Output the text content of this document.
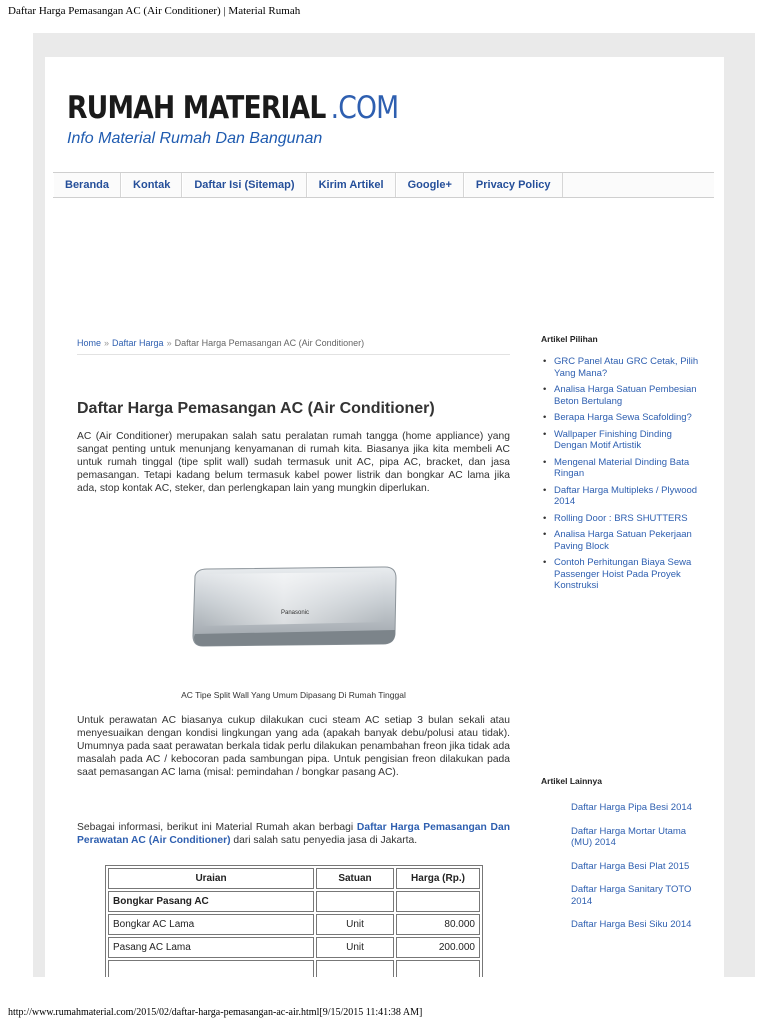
Daftar Harga Pemasangan AC (Air Conditioner) | Material Rumah
RUMAH MATERIAL .COM
Info Material Rumah Dan Bangunan
Beranda	Kontak	Daftar Isi (Sitemap)	Kirim Artikel	Google+	Privacy Policy
Home » Daftar Harga » Daftar Harga Pemasangan AC (Air Conditioner)
Daftar Harga Pemasangan AC (Air Conditioner)

AC (Air Conditioner) merupakan salah satu peralatan rumah tangga (home appliance) yang sangat penting untuk menunjang kenyamanan di rumah kita. Biasanya jika kita membeli AC untuk rumah tinggal (tipe split wall) sudah termasuk unit AC, pipa AC, bracket, dan jasa pemasangan. Tetapi kadang belum termasuk kabel power listrik dan bongkar AC lama jika ada, stop kontak AC, steker, dan perlengkapan lain yang mungkin diperlukan.

Panasonic
AC Tipe Split Wall Yang Umum Dipasang Di Rumah Tinggal

Untuk perawatan AC biasanya cukup dilakukan cuci steam AC setiap 3 bulan sekali atau menyesuaikan dengan kondisi lingkungan yang ada (apakah banyak debu/polusi atau tidak). Umumnya pada saat perawatan berkala tidak perlu dilakukan penambahan freon jika tidak ada masalah pada AC / kebocoran pada sambungan pipa. Untuk pengisian freon dilakukan pada saat pemasangan AC lama (misal: pemindahan / bongkar pasang AC).

Sebagai informasi, berikut ini Material Rumah akan berbagi Daftar Harga Pemasangan Dan Perawatan AC (Air Conditioner) dari salah satu penyedia jasa di Jakarta.

Uraian	Satuan	Harga (Rp.)
Bongkar Pasang AC		
Bongkar AC Lama	Unit	80.000
Pasang AC Lama	Unit	200.000

Artikel Pilihan
• GRC Panel Atau GRC Cetak, Pilih Yang Mana?
• Analisa Harga Satuan Pembesian Beton Bertulang
• Berapa Harga Sewa Scafolding?
• Wallpaper Finishing Dinding Dengan Motif Artistik
• Mengenal Material Dinding Bata Ringan
• Daftar Harga Multipleks / Plywood 2014
• Rolling Door : BRS SHUTTERS
• Analisa Harga Satuan Pekerjaan Paving Block
• Contoh Perhitungan Biaya Sewa Passenger Hoist Pada Proyek Konstruksi
Artikel Lainnya
Daftar Harga Pipa Besi 2014
Daftar Harga Mortar Utama (MU) 2014
Daftar Harga Besi Plat 2015
Daftar Harga Sanitary TOTO 2014
Daftar Harga Besi Siku 2014
http://www.rumahmaterial.com/2015/02/daftar-harga-pemasangan-ac-air.html[9/15/2015 11:41:38 AM]
